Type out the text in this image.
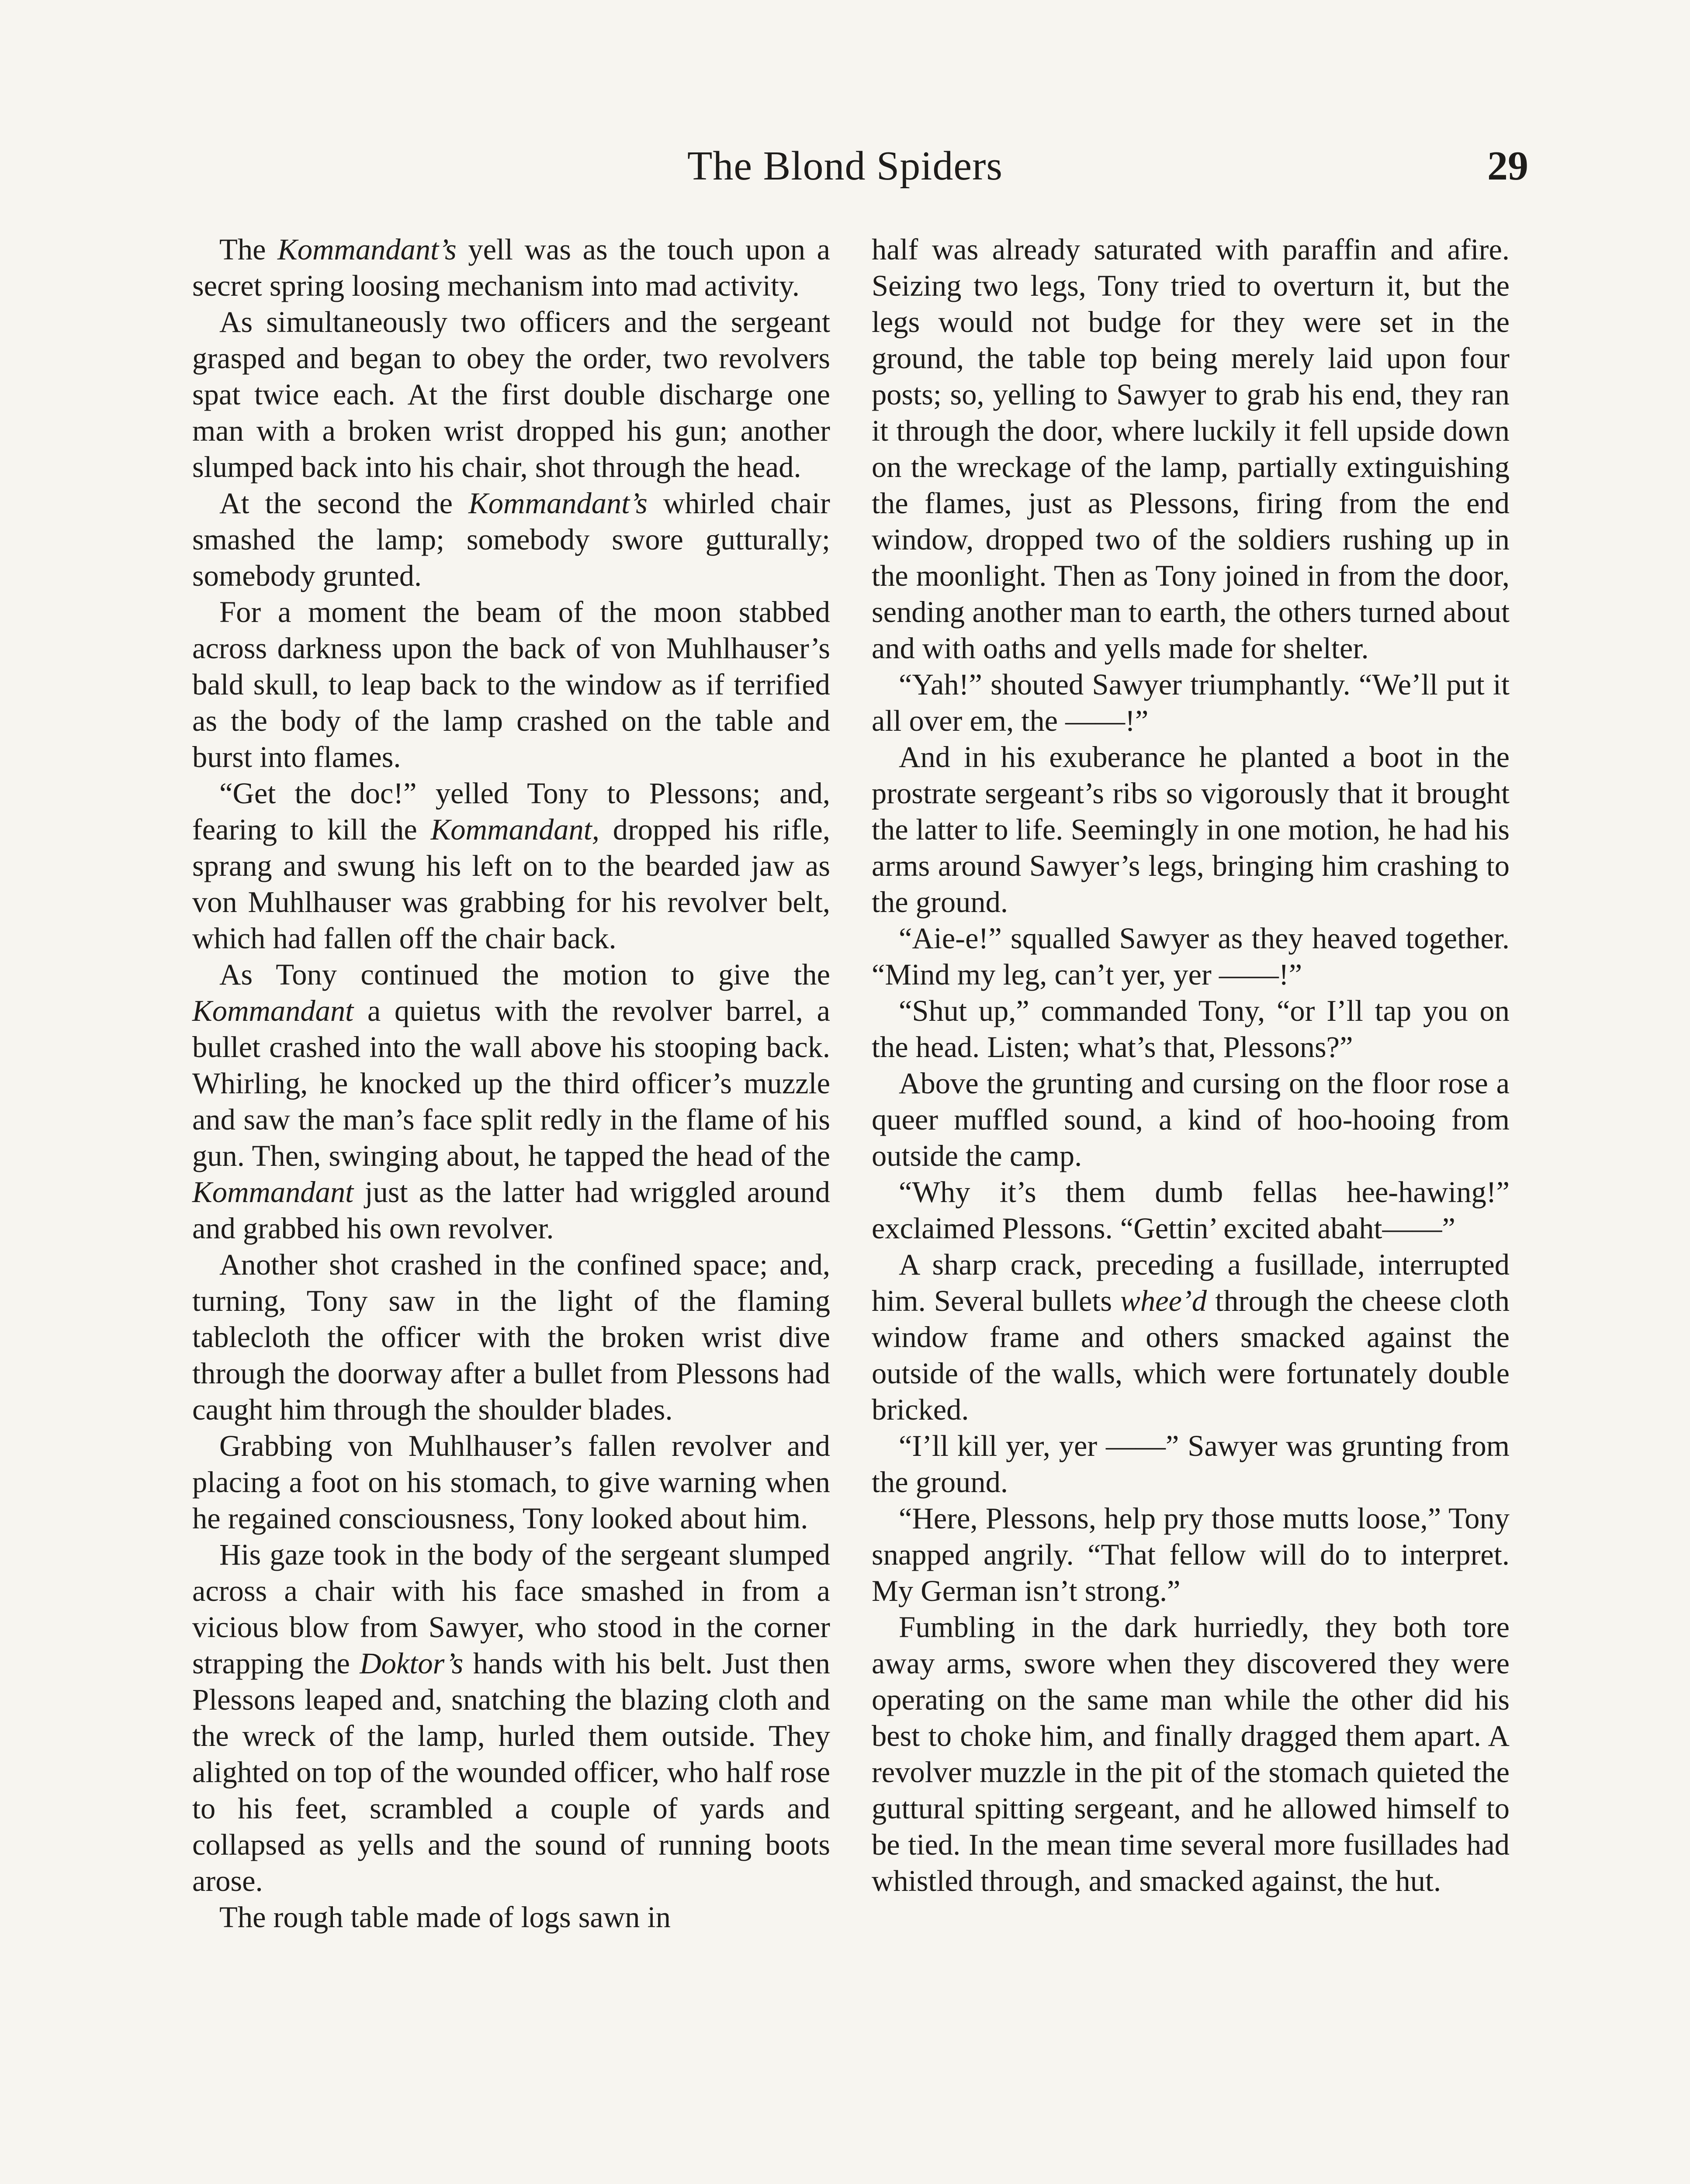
The Blond Spiders	29

The Kommandant’s yell was as the touch upon a secret spring loosing mechanism into mad activity.

As simultaneously two officers and the sergeant grasped and began to obey the order, two revolvers spat twice each. At the first double discharge one man with a broken wrist dropped his gun; another slumped back into his chair, shot through the head.

At the second the Kommandant’s whirled chair smashed the lamp; somebody swore gutturally; somebody grunted.

For a moment the beam of the moon stabbed across darkness upon the back of von Muhlhauser’s bald skull, to leap back to the window as if terrified as the body of the lamp crashed on the table and burst into flames.

“Get the doc!” yelled Tony to Plessons; and, fearing to kill the Kommandant, dropped his rifle, sprang and swung his left on to the bearded jaw as von Muhlhauser was grabbing for his revolver belt, which had fallen off the chair back.

As Tony continued the motion to give the Kommandant a quietus with the revolver barrel, a bullet crashed into the wall above his stooping back. Whirling, he knocked up the third officer’s muzzle and saw the man’s face split redly in the flame of his gun. Then, swinging about, he tapped the head of the Kommandant just as the latter had wriggled around and grabbed his own revolver.

Another shot crashed in the confined space; and, turning, Tony saw in the light of the flaming tablecloth the officer with the broken wrist dive through the doorway after a bullet from Plessons had caught him through the shoulder blades.

Grabbing von Muhlhauser’s fallen revolver and placing a foot on his stomach, to give warning when he regained consciousness, Tony looked about him.

His gaze took in the body of the sergeant slumped across a chair with his face smashed in from a vicious blow from Sawyer, who stood in the corner strapping the Doktor’s hands with his belt. Just then Plessons leaped and, snatching the blazing cloth and the wreck of the lamp, hurled them outside. They alighted on top of the wounded officer, who half rose to his feet, scrambled a couple of yards and collapsed as yells and the sound of running boots arose.

The rough table made of logs sawn in

half was already saturated with paraffin and afire. Seizing two legs, Tony tried to overturn it, but the legs would not budge for they were set in the ground, the table top being merely laid upon four posts; so, yelling to Sawyer to grab his end, they ran it through the door, where luckily it fell upside down on the wreckage of the lamp, partially extinguishing the flames, just as Plessons, firing from the end window, dropped two of the soldiers rushing up in the moonlight. Then as Tony joined in from the door, sending another man to earth, the others turned about and with oaths and yells made for shelter.

“Yah!” shouted Sawyer triumphantly. “We’ll put it all over em, the ——!”

And in his exuberance he planted a boot in the prostrate sergeant’s ribs so vigorously that it brought the latter to life. Seemingly in one motion, he had his arms around Sawyer’s legs, bringing him crashing to the ground.

“Aie-e!” squalled Sawyer as they heaved together. “Mind my leg, can’t yer, yer ——!”

“Shut up,” commanded Tony, “or I’ll tap you on the head. Listen; what’s that, Plessons?”

Above the grunting and cursing on the floor rose a queer muffled sound, a kind of hoo-hooing from outside the camp.

“Why it’s them dumb fellas hee-hawing!” exclaimed Plessons. “Gettin’ excited abaht——”

A sharp crack, preceding a fusillade, interrupted him. Several bullets whee’d through the cheese cloth window frame and others smacked against the outside of the walls, which were fortunately double bricked.

“I’ll kill yer, yer ——” Sawyer was grunting from the ground.

“Here, Plessons, help pry those mutts loose,” Tony snapped angrily. “That fellow will do to interpret. My German isn’t strong.”

Fumbling in the dark hurriedly, they both tore away arms, swore when they discovered they were operating on the same man while the other did his best to choke him, and finally dragged them apart. A revolver muzzle in the pit of the stomach quieted the guttural spitting sergeant, and he allowed himself to be tied. In the mean time several more fusillades had whistled through, and smacked against, the hut.
